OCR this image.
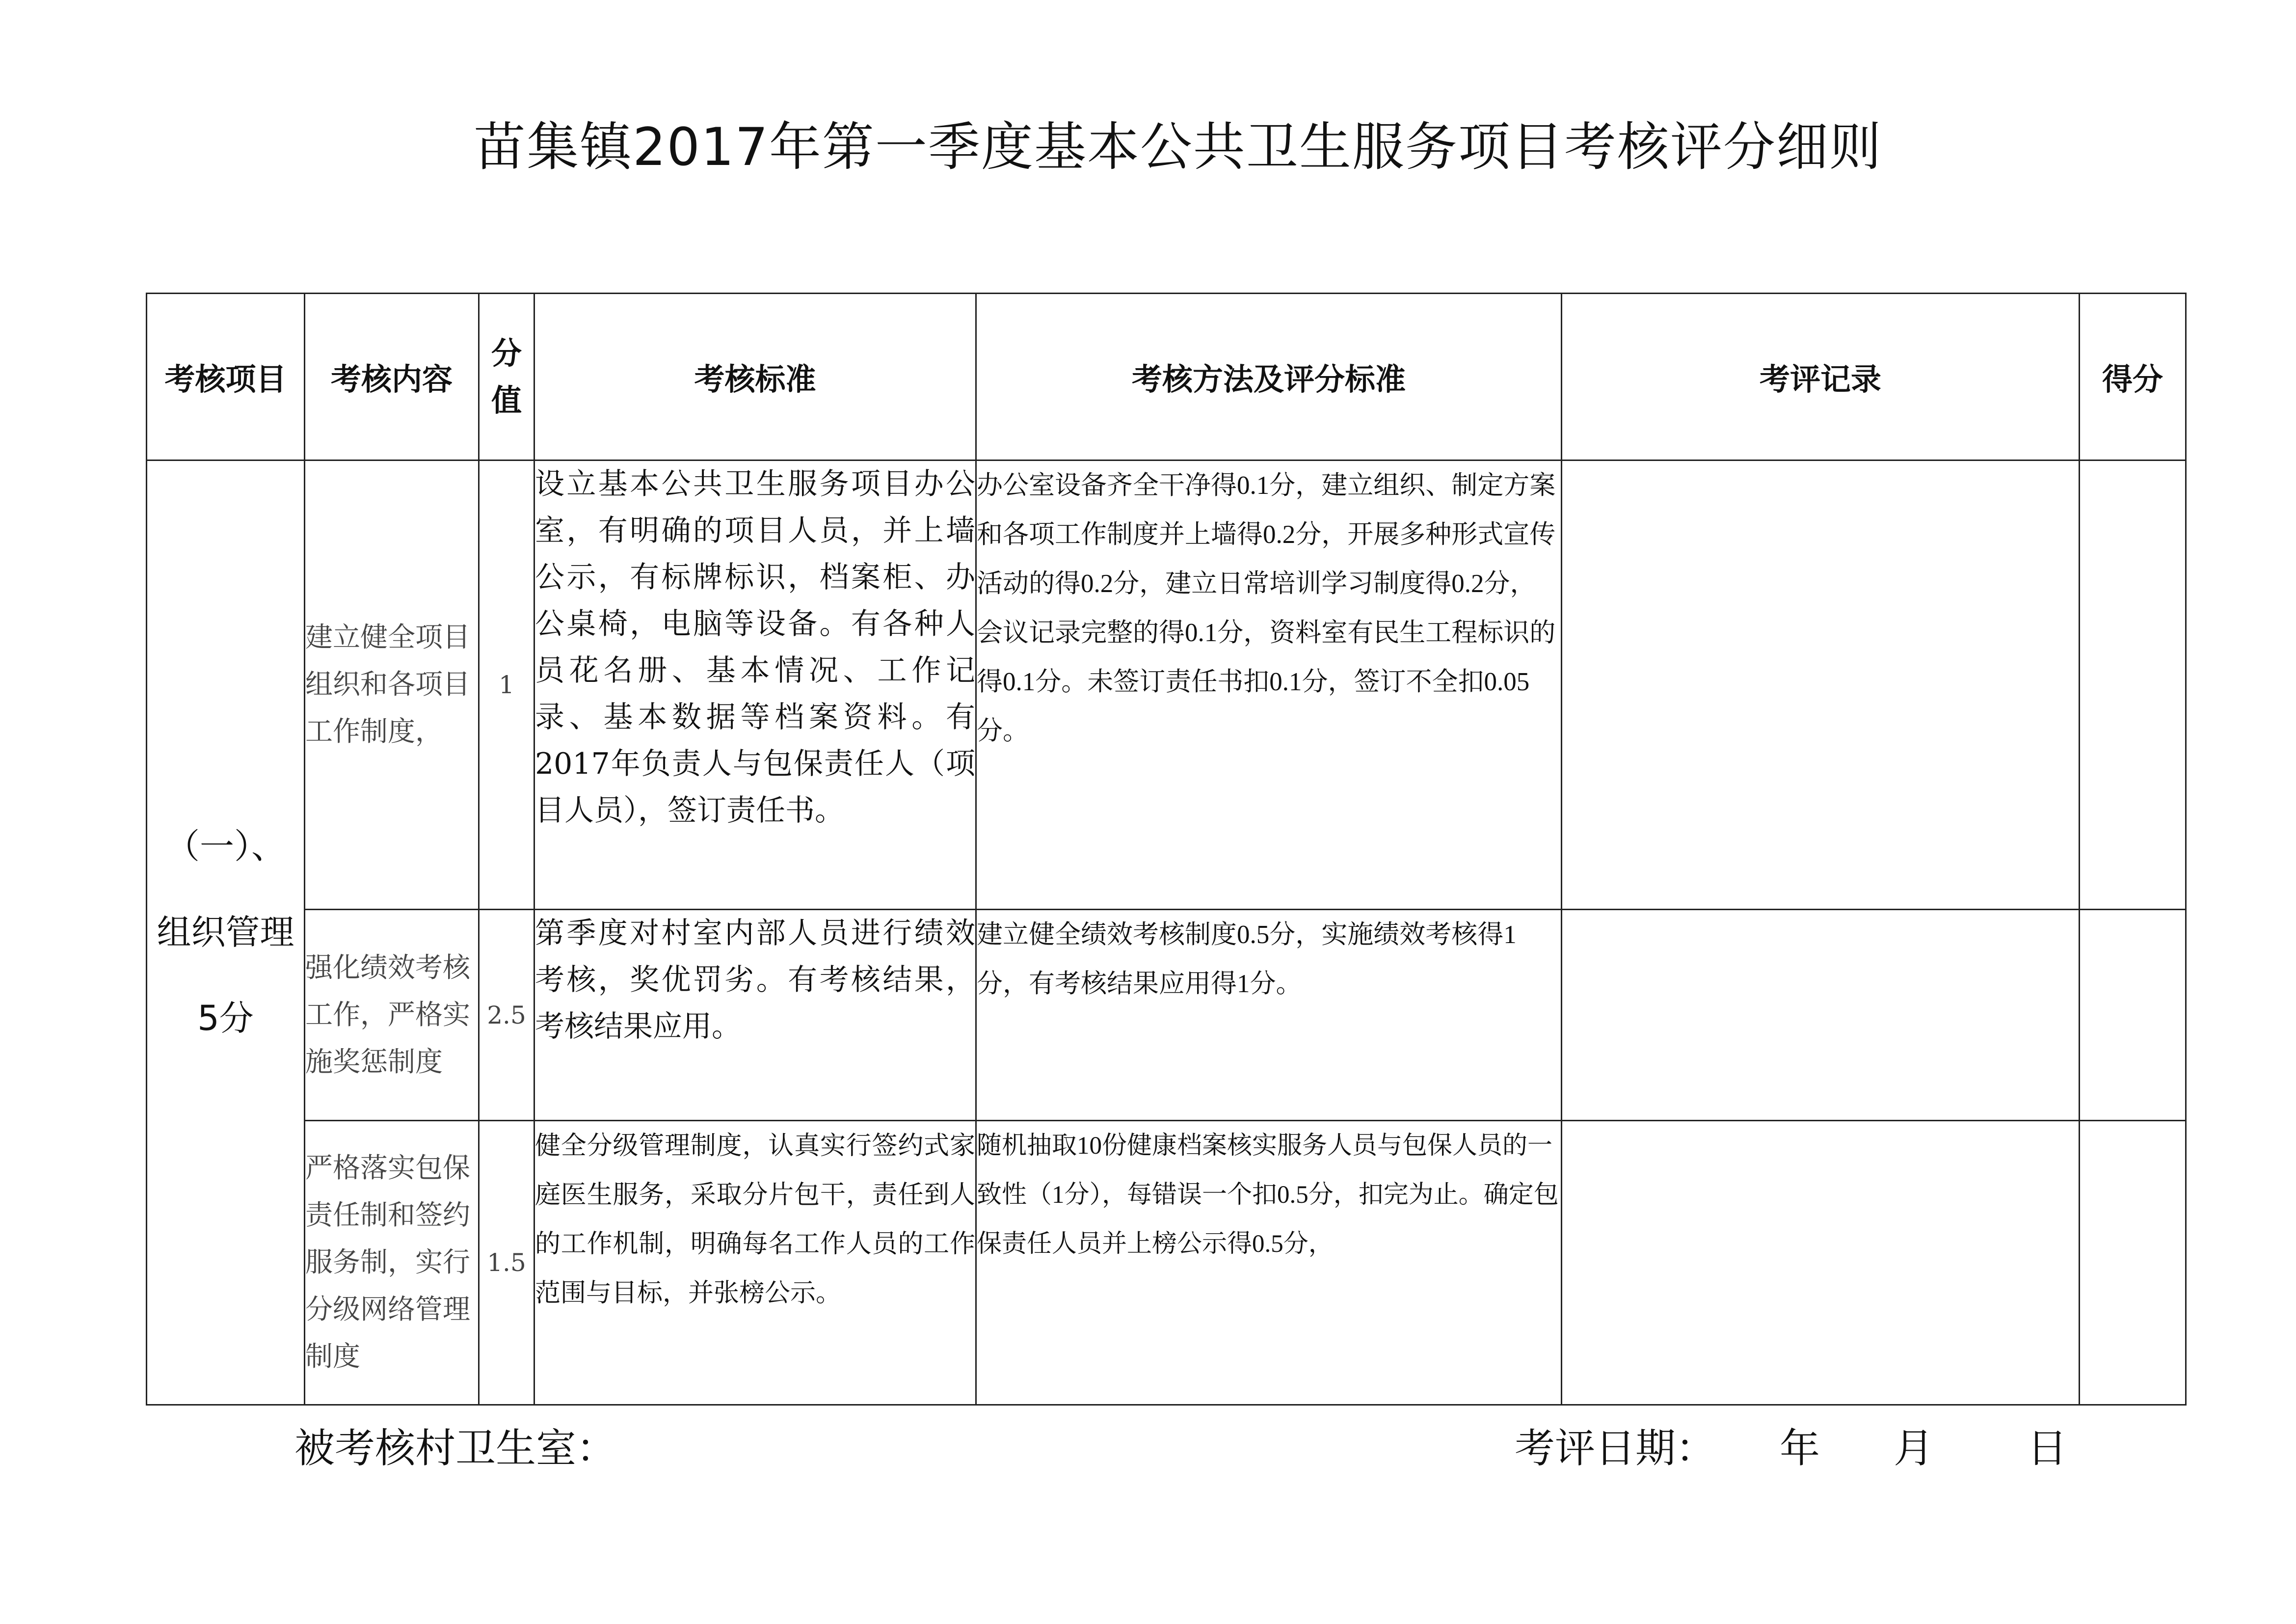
苗集镇2017年第一季度基本公共卫生服务项目考核评分细则
考核项目	考核内容	分值	考核标准	考核方法及评分标准	考评记录	得分

（一）、
组织管理
5分	建立健全项目组织和各项目工作制度，	1	设立基本公共卫生服务项目办公室，有明确的项目人员，并上墙公示，有标牌标识，档案柜、办公桌椅，电脑等设备。有各种人员花名册、基本情况、工作记录、基本数据等档案资料。有2017年负责人与包保责任人（项目人员），签订责任书。	办公室设备齐全干净得0.1分，建立组织、制定方案和各项工作制度并上墙得0.2分，开展多种形式宣传活动的得0.2分，建立日常培训学习制度得0.2分，会议记录完整的得0.1分，资料室有民生工程标识的得0.1分。未签订责任书扣0.1分，签订不全扣0.05分。		
	强化绩效考核工作，严格实施奖惩制度	2.5	第季度对村室内部人员进行绩效考核，奖优罚劣。有考核结果，考核结果应用。	建立健全绩效考核制度0.5分，实施绩效考核得1分，有考核结果应用得1分。		
	严格落实包保责任制和签约服务制，实行分级网络管理制度	1.5	健全分级管理制度，认真实行签约式家庭医生服务，采取分片包干，责任到人的工作机制，明确每名工作人员的工作范围与目标，并张榜公示。	随机抽取10份健康档案核实服务人员与包保人员的一致性（1分），每错误一个扣0.5分，扣完为止。确定包保责任人员并上榜公示得0.5分，		
被考核村卫生室：	考评日期： 年 月 日
